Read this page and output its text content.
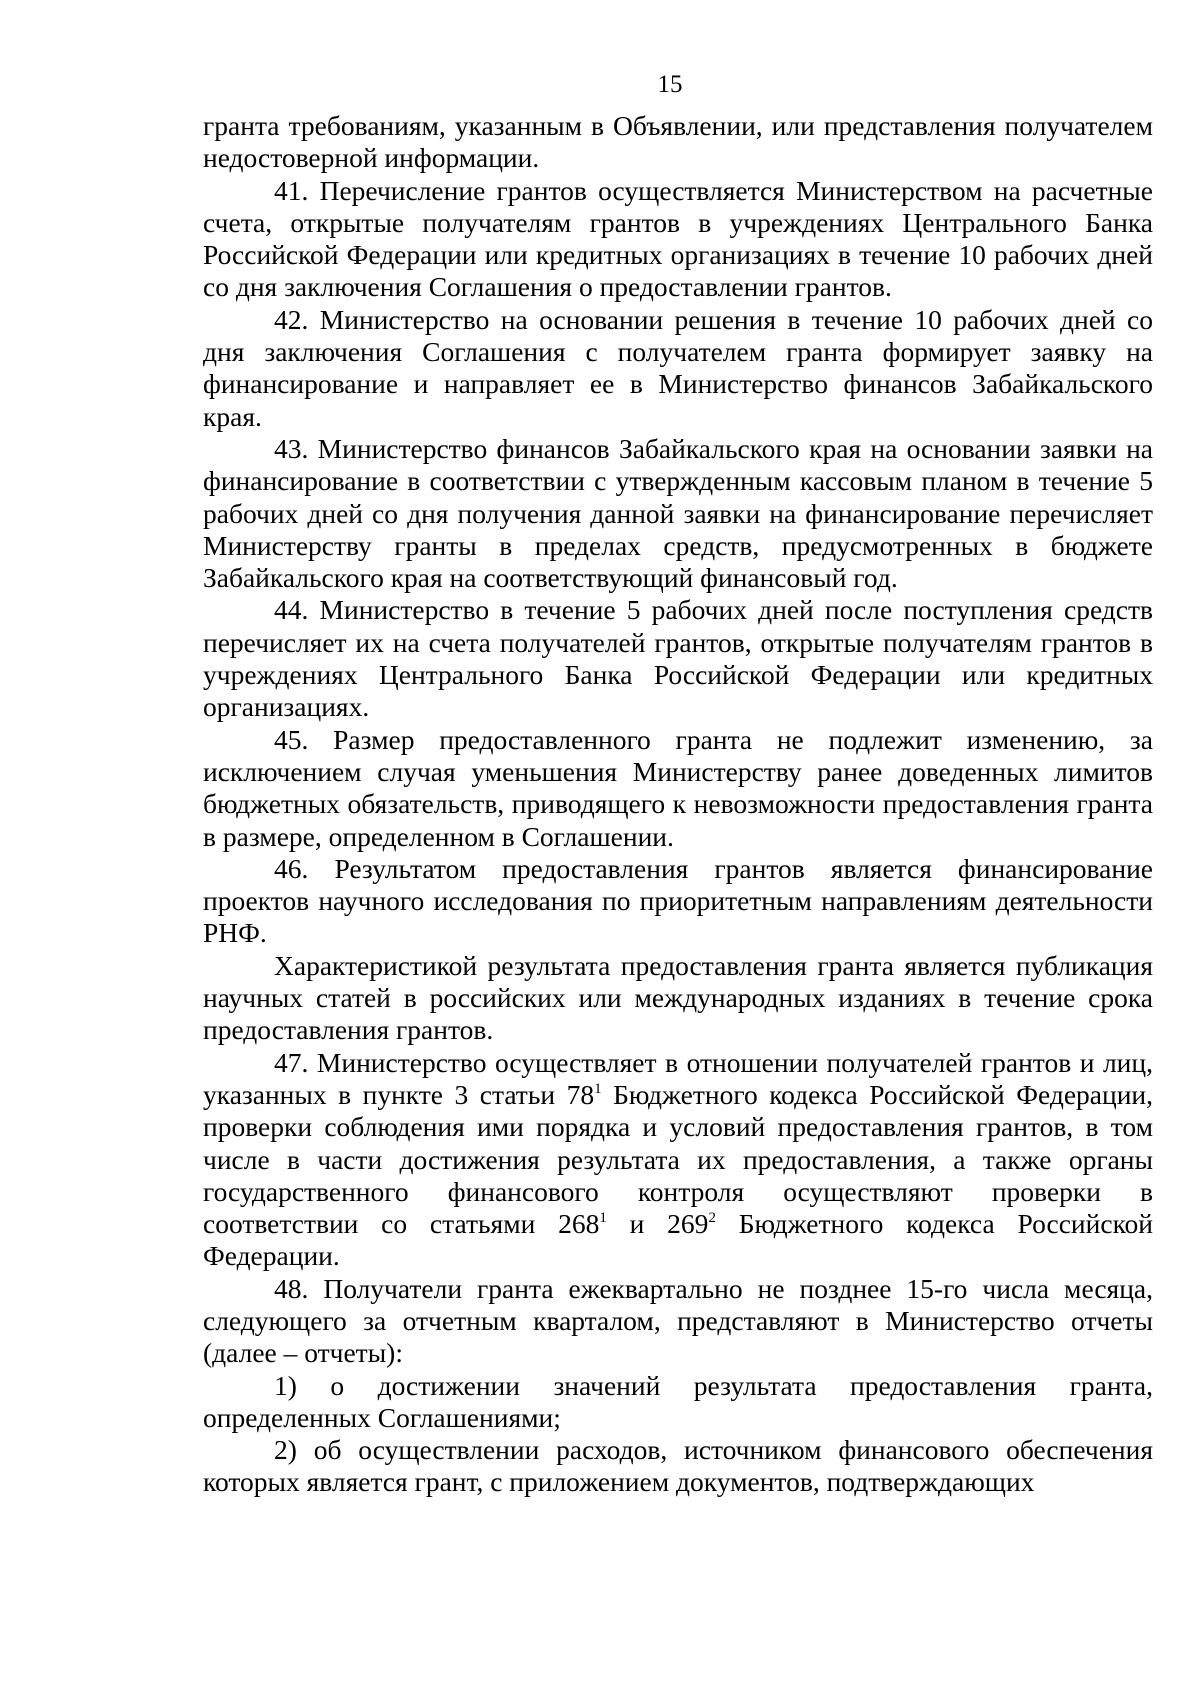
15

гранта требованиям, указанным в Объявлении, или представления получателем недостоверной информации.

41. Перечисление грантов осуществляется Министерством на расчетные счета, открытые получателям грантов в учреждениях Центрального Банка Российской Федерации или кредитных организациях в течение 10 рабочих дней со дня заключения Соглашения о предоставлении грантов.

42. Министерство на основании решения в течение 10 рабочих дней со дня заключения Соглашения с получателем гранта формирует заявку на финансирование и направляет ее в Министерство финансов Забайкальского края.

43. Министерство финансов Забайкальского края на основании заявки на финансирование в соответствии с утвержденным кассовым планом в течение 5 рабочих дней со дня получения данной заявки на финансирование перечисляет Министерству гранты в пределах средств, предусмотренных в бюджете Забайкальского края на соответствующий финансовый год.

44. Министерство в течение 5 рабочих дней после поступления средств перечисляет их на счета получателей грантов, открытые получателям грантов в учреждениях Центрального Банка Российской Федерации или кредитных организациях.

45. Размер предоставленного гранта не подлежит изменению, за исключением случая уменьшения Министерству ранее доведенных лимитов бюджетных обязательств, приводящего к невозможности предоставления гранта в размере, определенном в Соглашении.

46. Результатом предоставления грантов является финансирование проектов научного исследования по приоритетным направлениям деятельности РНФ.

Характеристикой результата предоставления гранта является публикация научных статей в российских или международных изданиях в течение срока предоставления грантов.

47. Министерство осуществляет в отношении получателей грантов и лиц, указанных в пункте 3 статьи $78^1$ Бюджетного кодекса Российской Федерации, проверки соблюдения ими порядка и условий предоставления грантов, в том числе в части достижения результата их предоставления, а также органы государственного финансового контроля осуществляют проверки в соответствии со статьями $268^1$ и $269^2$ Бюджетного кодекса Российской Федерации.

48. Получатели гранта ежеквартально не позднее 15-го числа месяца, следующего за отчетным кварталом, представляют в Министерство отчеты (далее – отчеты):

1) о достижении значений результата предоставления гранта, определенных Соглашениями;

2) об осуществлении расходов, источником финансового обеспечения которых является грант, с приложением документов, подтверждающих
